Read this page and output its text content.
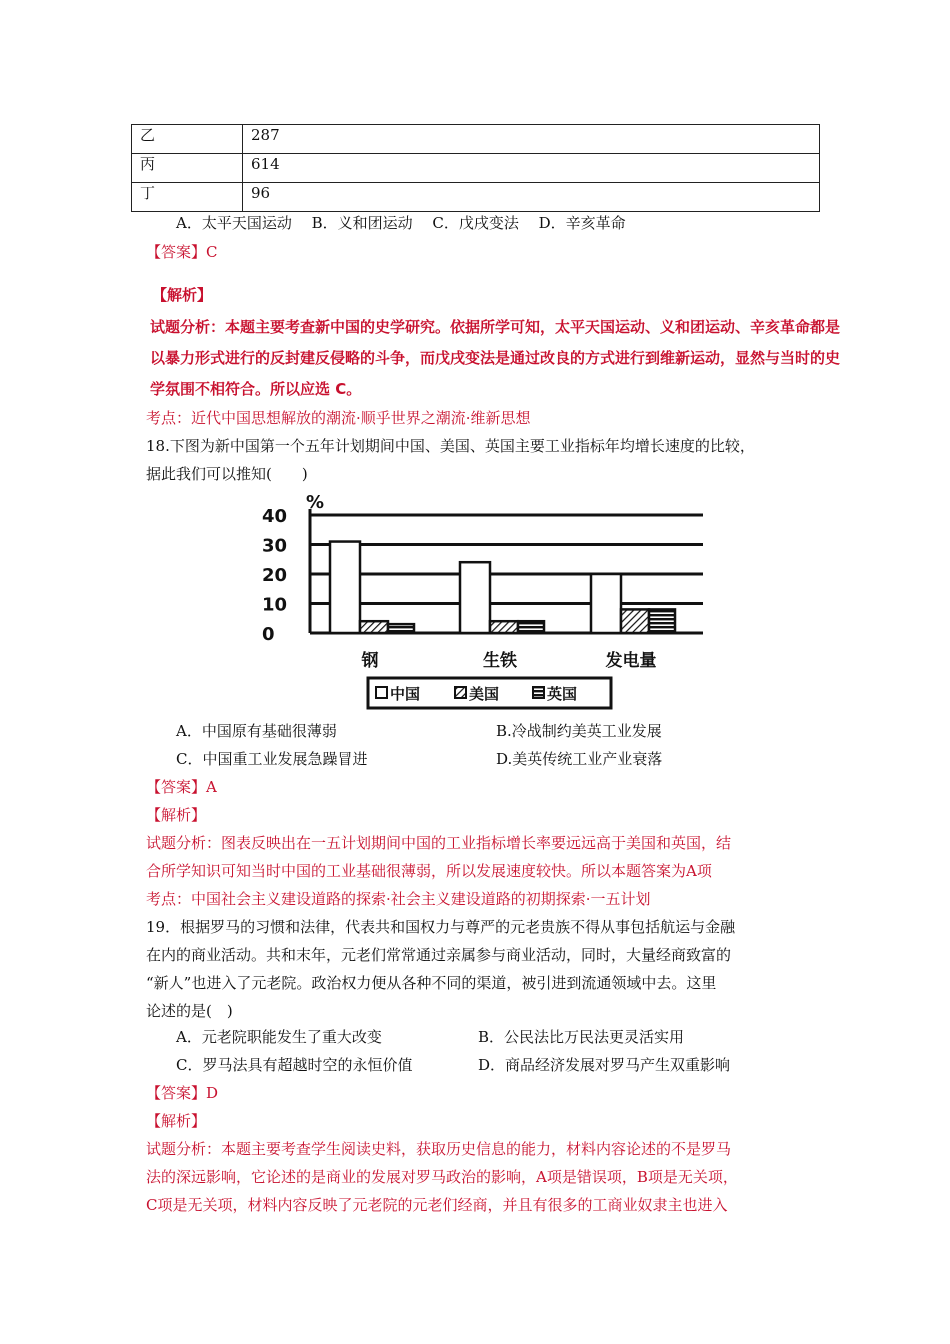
乙	287
丙	614
丁	96
A．太平天国运动　 B．义和团运动　 C．戊戌变法　 D．辛亥革命
【答案】C
【解析】
试题分析：本题主要考查新中国的史学研究。依据所学可知，太平天国运动、义和团运动、辛亥革命都是
以暴力形式进行的反封建反侵略的斗争，而戊戌变法是通过改良的方式进行到维新运动，显然与当时的史
学氛围不相符合。所以应选 C。
考点：近代中国思想解放的潮流·顺乎世界之潮流·维新思想
18.下图为新中国第一个五年计划期间中国、美国、英国主要工业指标年均增长速度的比较，
据此我们可以推知(　　)
0
10
20
30
40
%
钢	生铁	发电量
中国	美国	英国
A．中国原有基础很薄弱	B.冷战制约美英工业发展
C．中国重工业发展急躁冒进	D.美英传统工业产业衰落
【答案】A
【解析】
试题分析：图表反映出在一五计划期间中国的工业指标增长率要远远高于美国和英国，结
合所学知识可知当时中国的工业基础很薄弱，所以发展速度较快。所以本题答案为A项
考点：中国社会主义建设道路的探索·社会主义建设道路的初期探索·一五计划
19．根据罗马的习惯和法律，代表共和国权力与尊严的元老贵族不得从事包括航运与金融
在内的商业活动。共和末年，元老们常常通过亲属参与商业活动，同时，大量经商致富的
“新人”也进入了元老院。政治权力便从各种不同的渠道，被引进到流通领域中去。这里
论述的是(　)
A．元老院职能发生了重大改变	B．公民法比万民法更灵活实用
C．罗马法具有超越时空的永恒价值	D．商品经济发展对罗马产生双重影响
【答案】D
【解析】
试题分析：本题主要考查学生阅读史料，获取历史信息的能力，材料内容论述的不是罗马
法的深远影响，它论述的是商业的发展对罗马政治的影响，A项是错误项，B项是无关项，
C项是无关项，材料内容反映了元老院的元老们经商，并且有很多的工商业奴隶主也进入
